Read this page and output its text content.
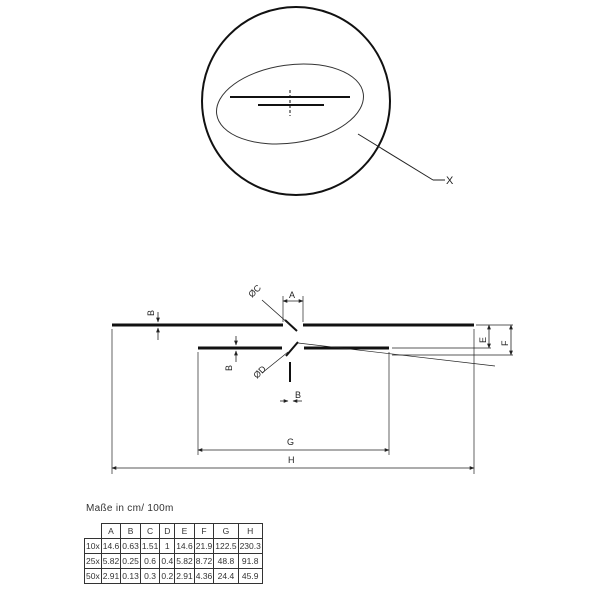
X
ØC
ØD
A
B
B
B
E
F
G
H
Maße in cm/ 100m
	A	B	C	D	E	F	G	H
10x	14.6	0.63	1.51	1	14.6	21.9	122.5	230.3
25x	5.82	0.25	0.6	0.4	5.82	8.72	48.8	91.8
50x	2.91	0.13	0.3	0.2	2.91	4.36	24.4	45.9
